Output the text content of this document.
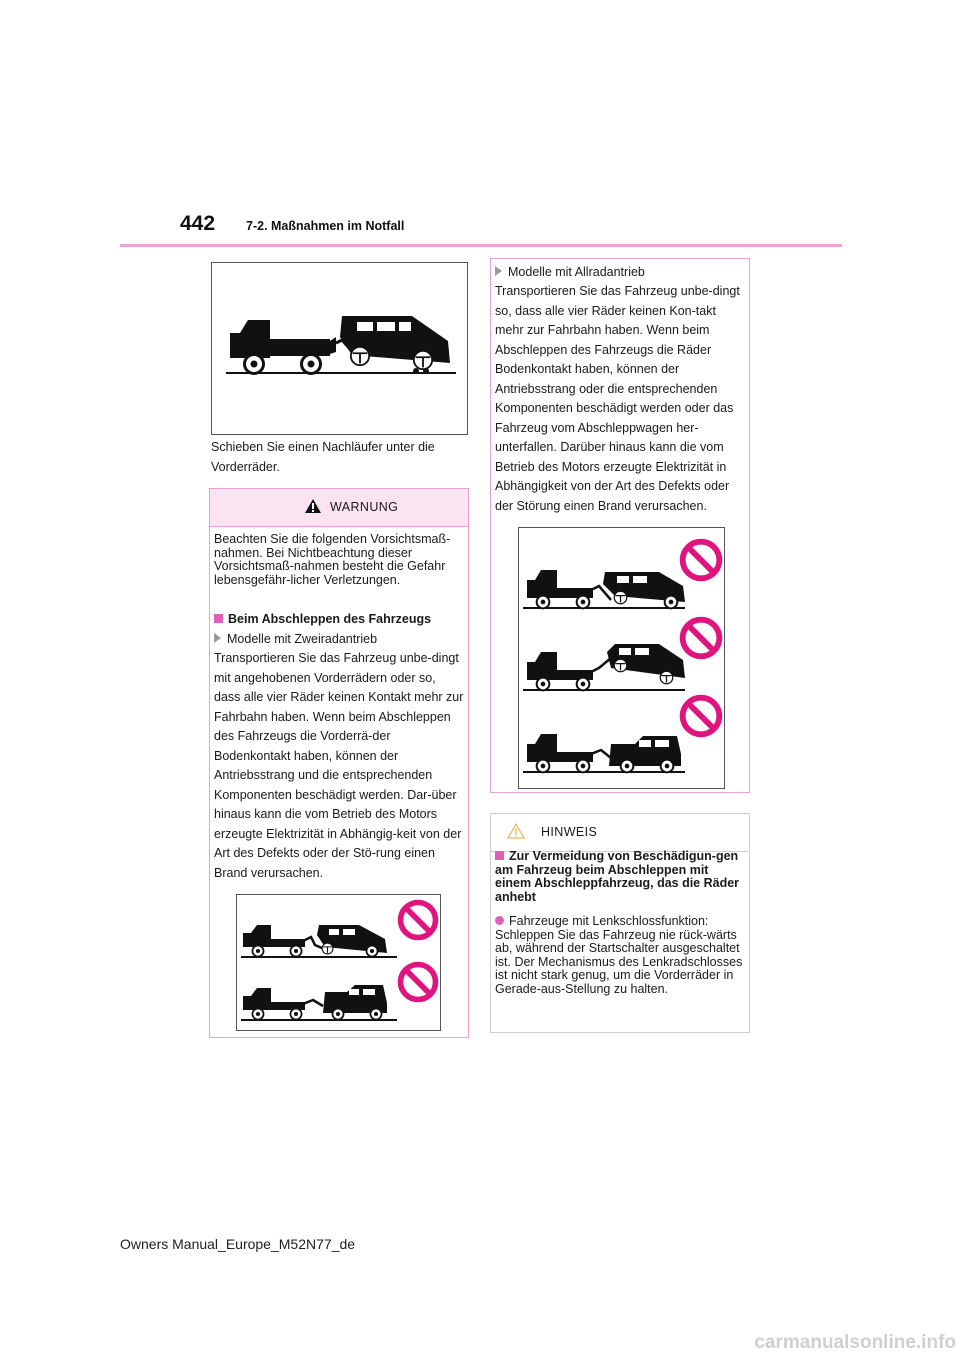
442 7-2. Maßnahmen im Notfall
Schieben Sie einen Nachläufer unter die Vorderräder.
WARNUNG
Beachten Sie die folgenden Vorsichtsmaß-nahmen. Bei Nichtbeachtung dieser Vorsichtsmaß-nahmen besteht die Gefahr lebensgefähr-licher Verletzungen.
Beim Abschleppen des Fahrzeugs
Modelle mit Zweiradantrieb
Transportieren Sie das Fahrzeug unbe-dingt mit angehobenen Vorderrädern oder so, dass alle vier Räder keinen Kontakt mehr zur Fahrbahn haben. Wenn beim Abschleppen des Fahrzeugs die Vorderrä-der Bodenkontakt haben, können der Antriebsstrang und die entsprechenden Komponenten beschädigt werden. Dar-über hinaus kann die vom Betrieb des Motors erzeugte Elektrizität in Abhängig-keit von der Art des Defekts oder der Stö-rung einen Brand verursachen.
Modelle mit Allradantrieb
Transportieren Sie das Fahrzeug unbe-dingt so, dass alle vier Räder keinen Kon-takt mehr zur Fahrbahn haben. Wenn beim Abschleppen des Fahrzeugs die Räder Bodenkontakt haben, können der Antriebsstrang oder die entsprechenden Komponenten beschädigt werden oder das Fahrzeug vom Abschleppwagen her-unterfallen. Darüber hinaus kann die vom Betrieb des Motors erzeugte Elektrizität in Abhängigkeit von der Art des Defekts oder der Störung einen Brand verursachen.
HINWEIS
Zur Vermeidung von Beschädigun-gen am Fahrzeug beim Abschleppen mit einem Abschleppfahrzeug, das die Räder anhebt
Fahrzeuge mit Lenkschlossfunktion: Schleppen Sie das Fahrzeug nie rück-wärts ab, während der Startschalter ausgeschaltet ist. Der Mechanismus des Lenkradschlosses ist nicht stark genug, um die Vorderräder in Gerade-aus-Stellung zu halten.
Owners Manual_Europe_M52N77_de
carmanualsonline.info
